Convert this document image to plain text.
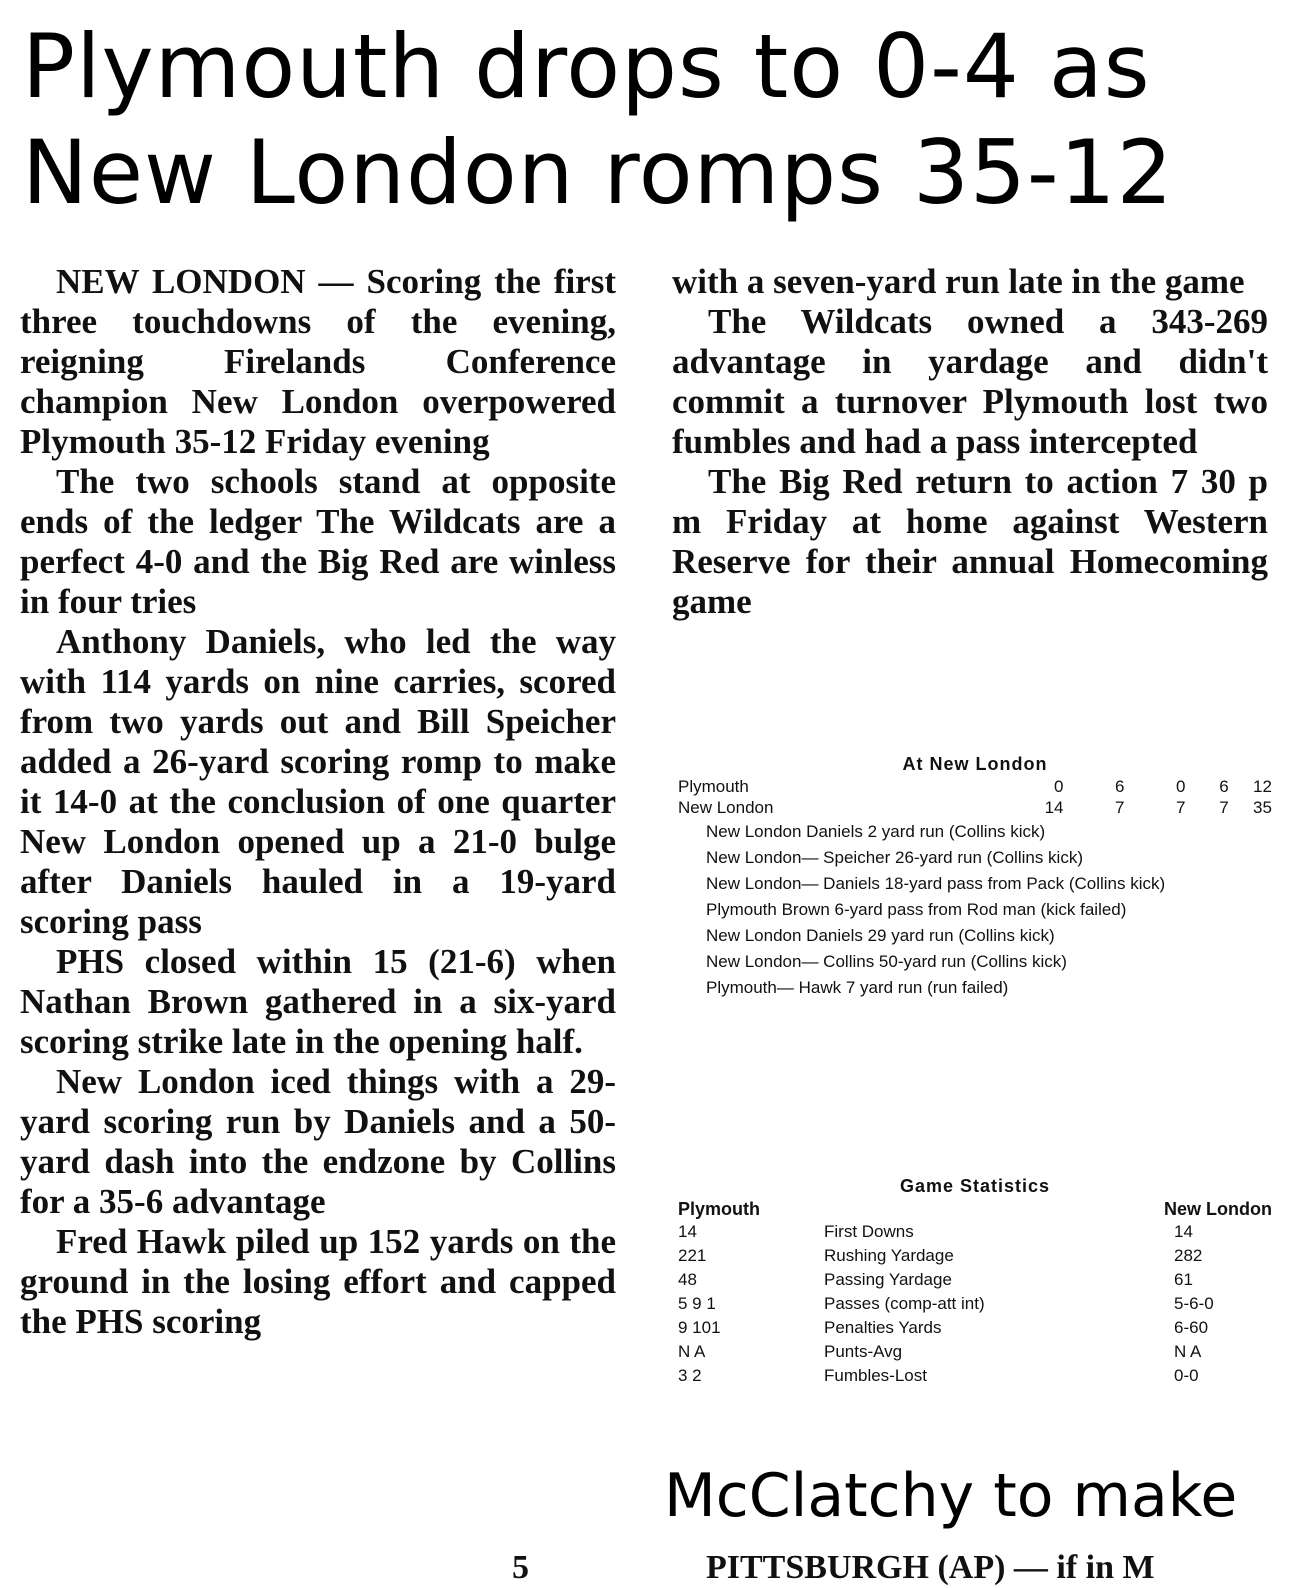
Plymouth drops to 0-4 as
New London romps 35-12

NEW LONDON — Scoring the first three touchdowns of the evening, reigning Firelands Conference champion New London overpowered Plymouth 35-12 Friday evening

The two schools stand at opposite ends of the ledger The Wildcats are a perfect 4-0 and the Big Red are winless in four tries

Anthony Daniels, who led the way with 114 yards on nine carries, scored from two yards out and Bill Speicher added a 26-yard scoring romp to make it 14-0 at the conclusion of one quarter New London opened up a 21-0 bulge after Daniels hauled in a 19-yard scoring pass

PHS closed within 15 (21-6) when Nathan Brown gathered in a six-yard scoring strike late in the opening half.

New London iced things with a 29-yard scoring run by Daniels and a 50-yard dash into the endzone by Collins for a 35-6 advantage

Fred Hawk piled up 152 yards on the ground in the losing effort and capped the PHS scoring

with a seven-yard run late in the game

The Wildcats owned a 343-269 advantage in yardage and didn't commit a turnover Plymouth lost two fumbles and had a pass intercepted

The Big Red return to action 7 30 p m Friday at home against Western Reserve for their annual Homecoming game

At New London
Plymouth	0	6	0	6	12
New London	14	7	7	7	35

New London Daniels 2 yard run (Collins kick)

New London— Speicher 26-yard run (Collins kick)

New London— Daniels 18-yard pass from Pack (Collins kick)

Plymouth Brown 6-yard pass from Rod man (kick failed)

New London Daniels 29 yard run (Collins kick)

New London— Collins 50-yard run (Collins kick)

Plymouth— Hawk 7 yard run (run failed)

Game Statistics
Plymouth	New London
14	First Downs	14
221	Rushing Yardage	282
48	Passing Yardage	61
5 9 1	Passes (comp-att int)	5-6-0
9 101	Penalties Yards	6-60
N A	Punts-Avg	N A
3 2	Fumbles-Lost	0-0
McClatchy to make
5	PITTSBURGH (AP) — if in M
